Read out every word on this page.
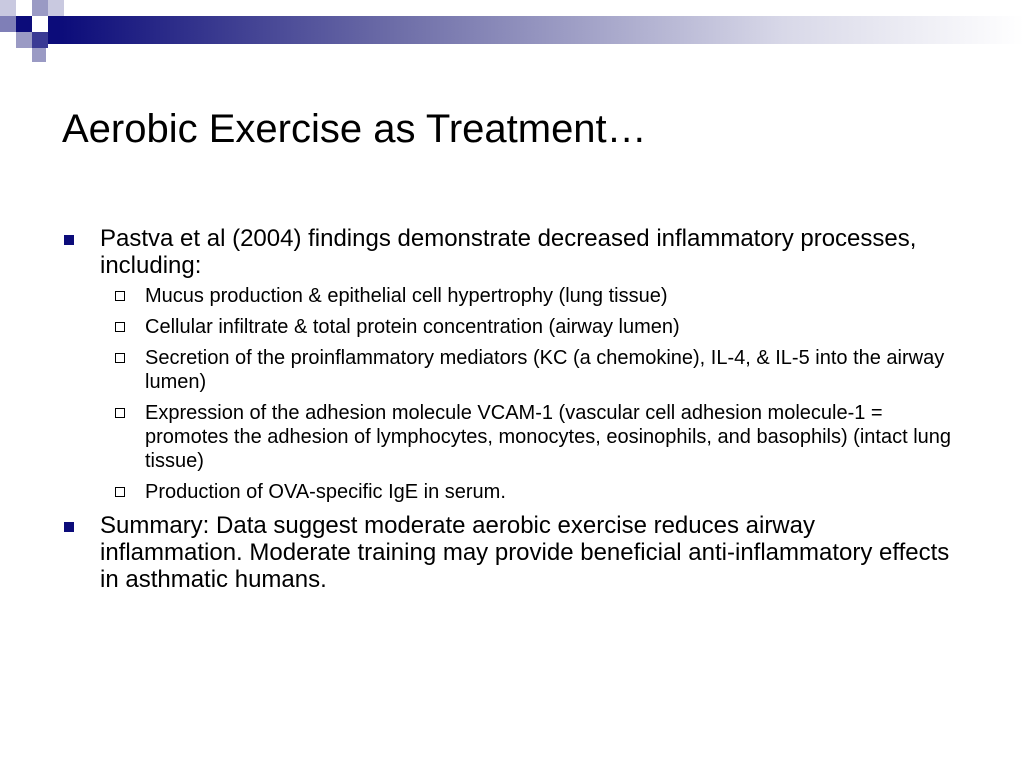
Aerobic Exercise as Treatment…
Pastva et al (2004) findings demonstrate decreased inflammatory processes, including:
Mucus production & epithelial cell hypertrophy (lung tissue)
Cellular infiltrate & total protein concentration (airway lumen)
Secretion of the proinflammatory mediators (KC (a chemokine), IL-4, & IL-5 into the airway lumen)
Expression of the adhesion molecule VCAM-1 (vascular cell adhesion molecule-1 = promotes the adhesion of lymphocytes, monocytes, eosinophils, and basophils) (intact lung tissue)
Production of OVA-specific IgE in serum.
Summary: Data suggest moderate aerobic exercise reduces airway inflammation. Moderate training may provide beneficial anti-inflammatory effects in asthmatic humans.
